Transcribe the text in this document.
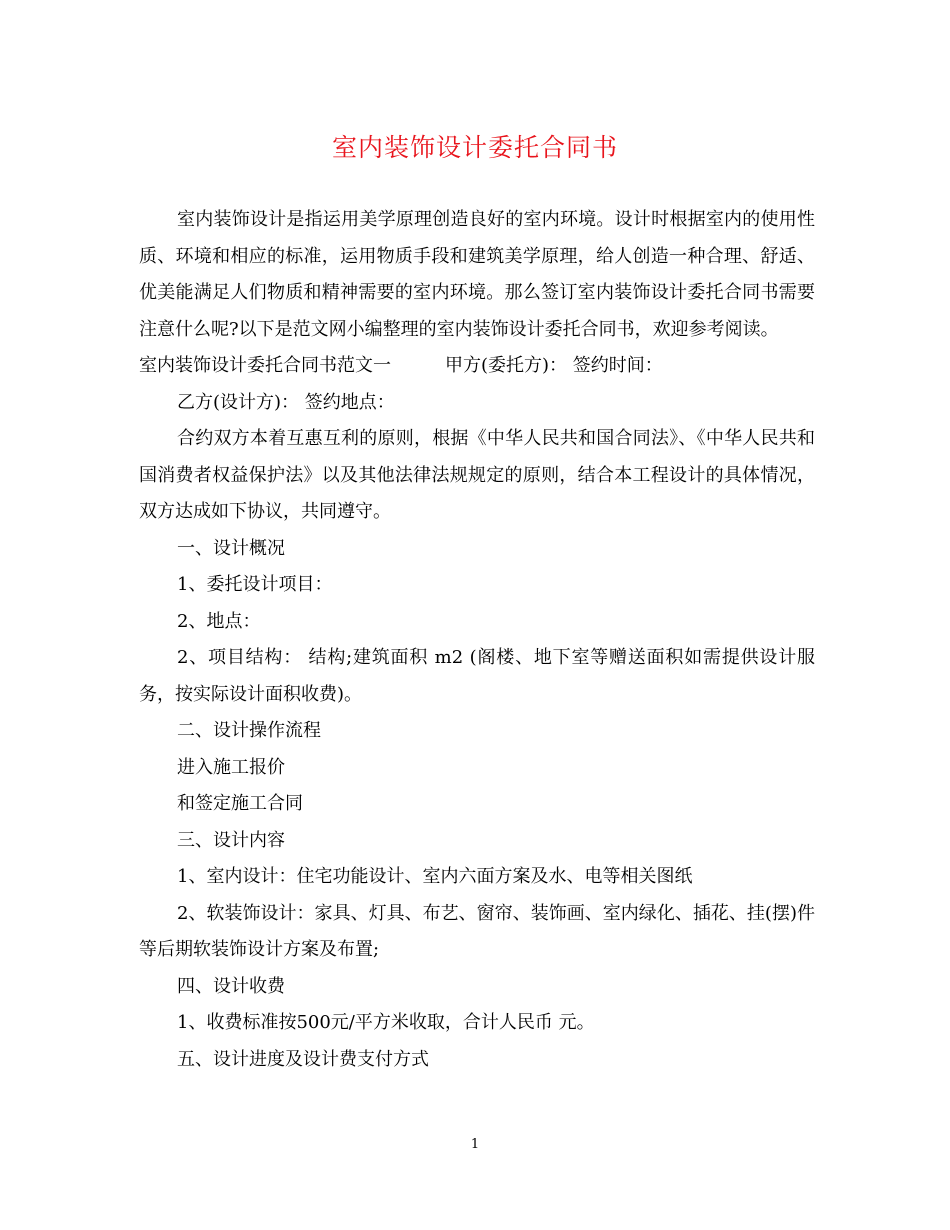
室内装饰设计委托合同书

室内装饰设计是指运用美学原理创造良好的室内环境。设计时根据室内的使用性质、环境和相应的标准，运用物质手段和建筑美学原理，给人创造一种合理、舒适、优美能满足人们物质和精神需要的室内环境。那么签订室内装饰设计委托合同书需要注意什么呢?以下是范文网小编整理的室内装饰设计委托合同书，欢迎参考阅读。

室内装饰设计委托合同书范文一　　　甲方(委托方)： 签约时间：

乙方(设计方)： 签约地点：

合约双方本着互惠互利的原则，根据《中华人民共和国合同法》、《中华人民共和国消费者权益保护法》以及其他法律法规规定的原则，结合本工程设计的具体情况，双方达成如下协议，共同遵守。

一、设计概况

1、委托设计项目：

2、地点：

2、项目结构： 结构;建筑面积 m2 (阁楼、地下室等赠送面积如需提供设计服务，按实际设计面积收费)。

二、设计操作流程

进入施工报价

和签定施工合同

三、设计内容

1、室内设计：住宅功能设计、室内六面方案及水、电等相关图纸

2、软装饰设计：家具、灯具、布艺、窗帘、装饰画、室内绿化、插花、挂(摆)件等后期软装饰设计方案及布置;

四、设计收费

1、收费标准按500元/平方米收取，合计人民币 元。

五、设计进度及设计费支付方式

1
